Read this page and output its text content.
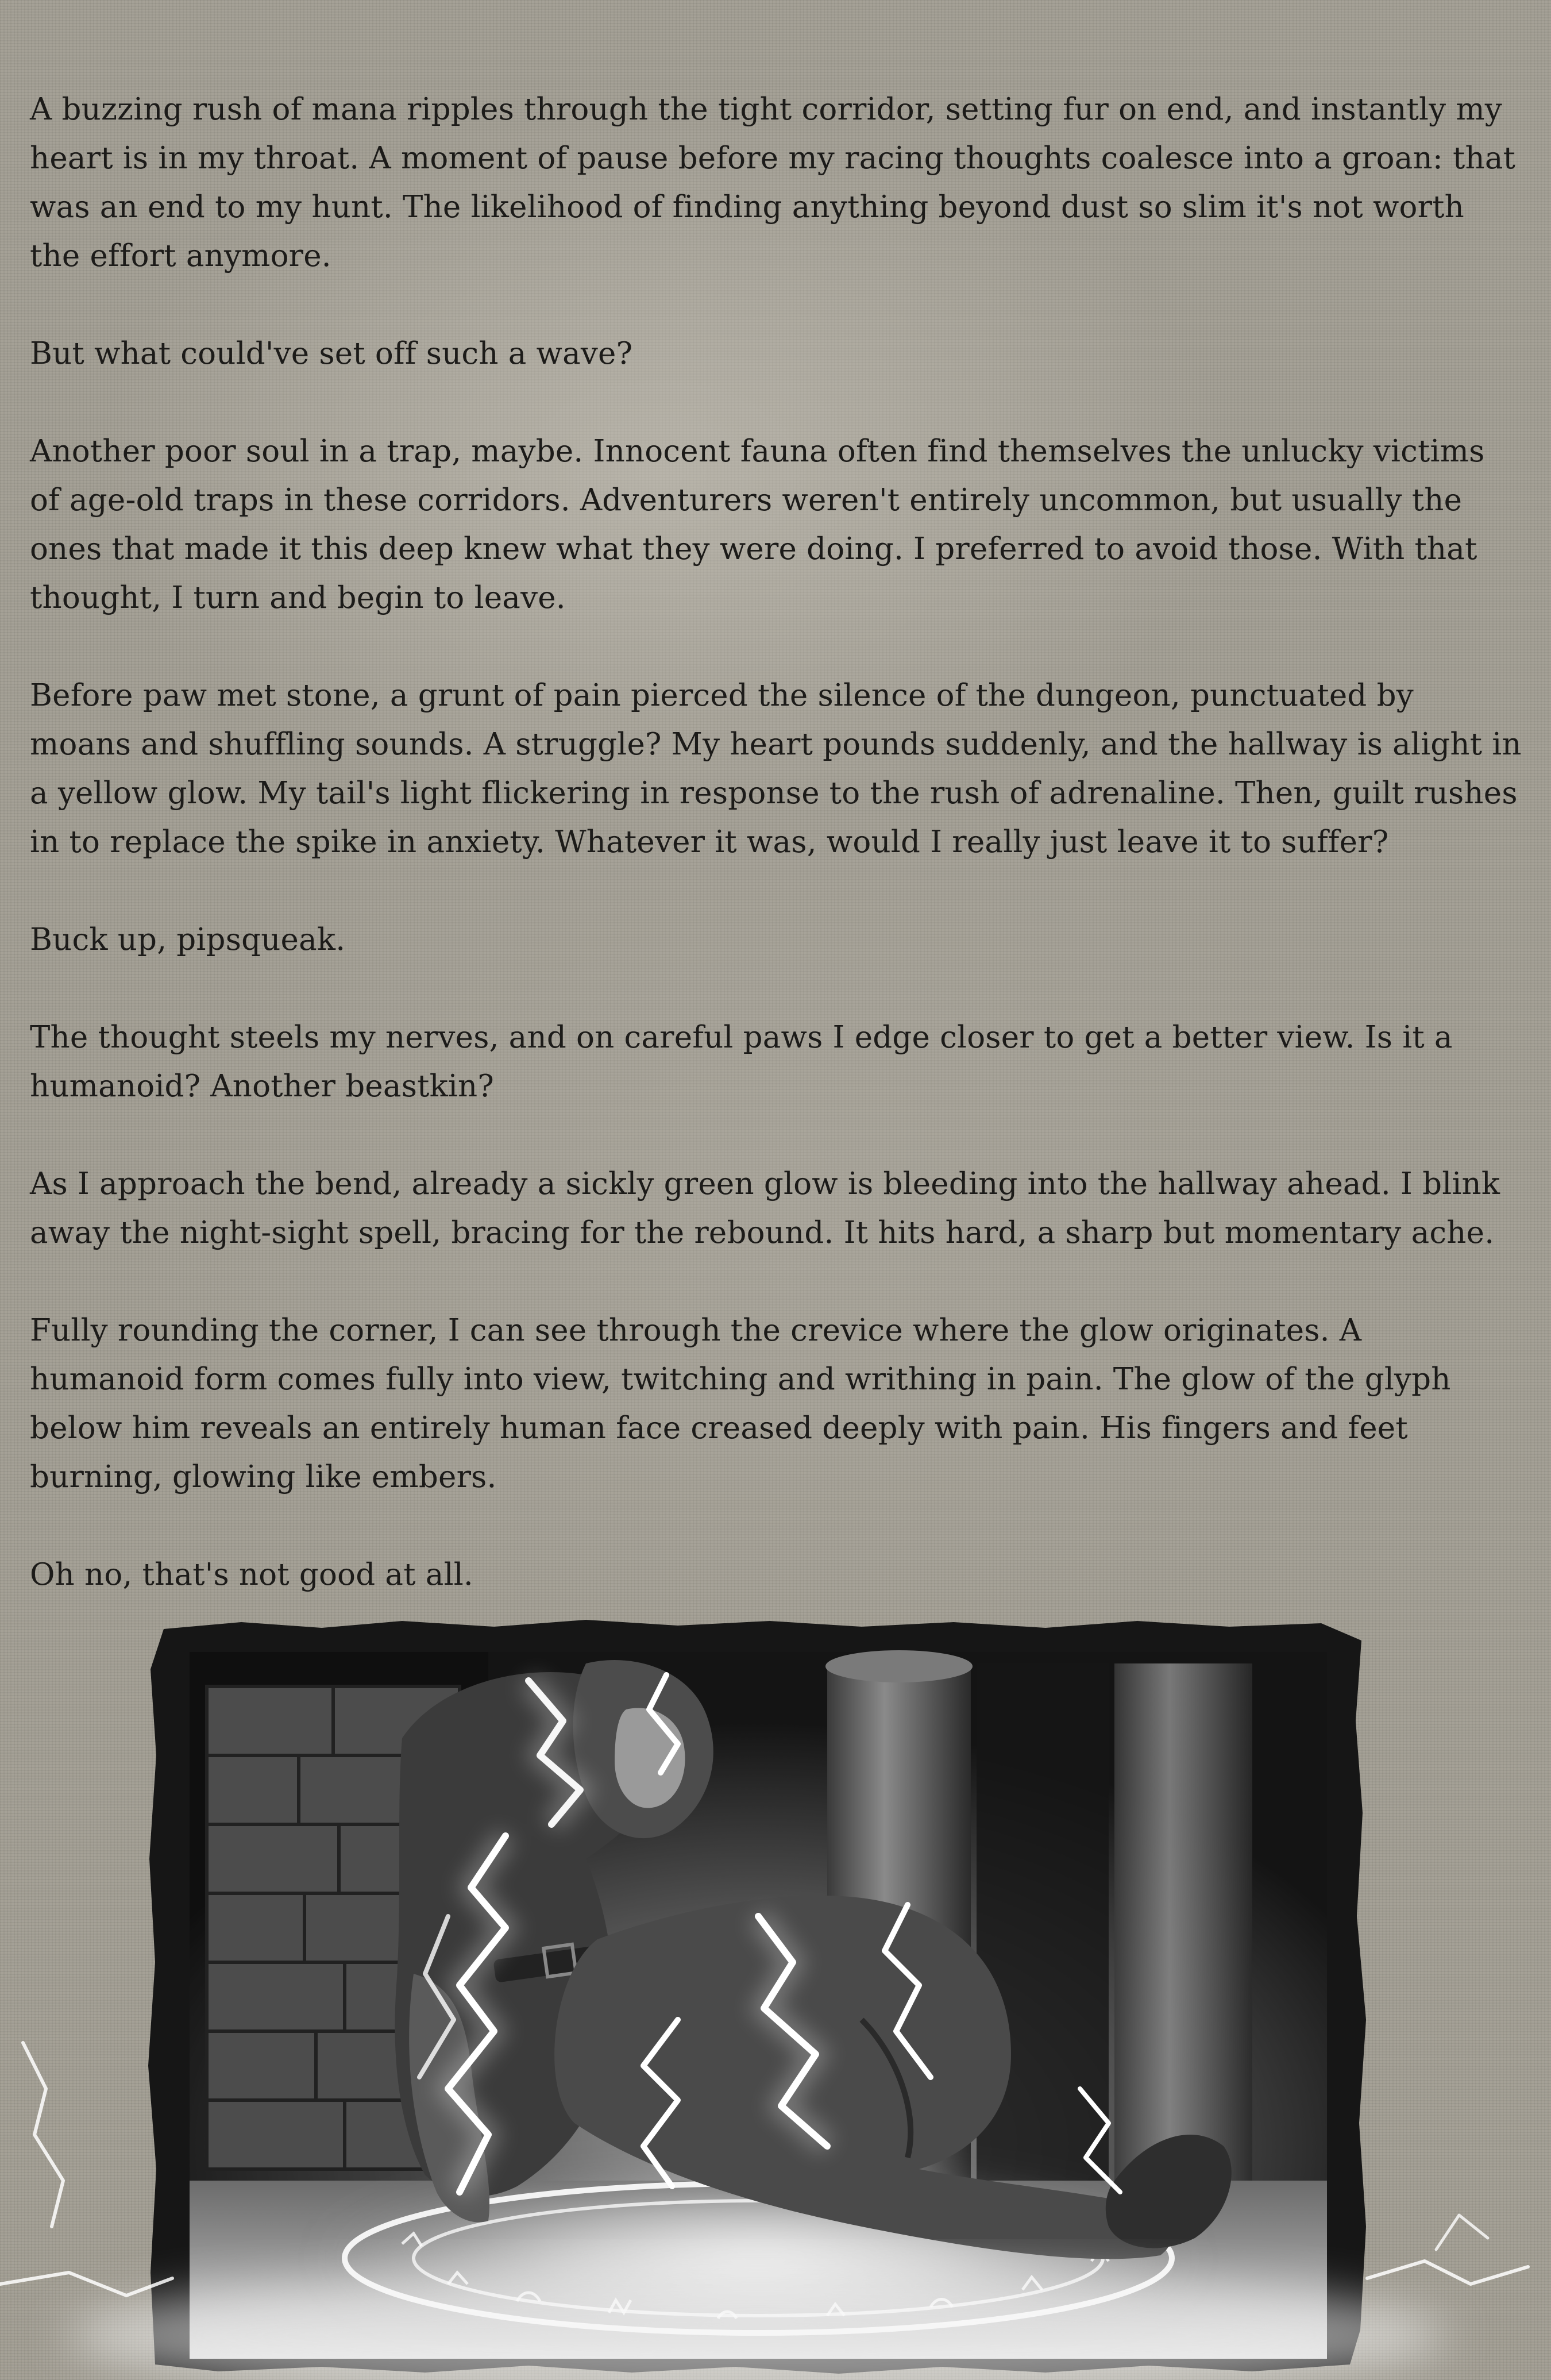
A buzzing rush of mana ripples through the tight corridor, setting fur on end, and instantly my heart is in my throat. A moment of pause before my racing thoughts coalesce into a groan: that was an end to my hunt. The likelihood of finding anything beyond dust so slim it's not worth the effort anymore.

But what could've set off such a wave?

Another poor soul in a trap, maybe. Innocent fauna often find themselves the unlucky victims of age-old traps in these corridors. Adventurers weren't entirely uncommon, but usually the ones that made it this deep knew what they were doing. I preferred to avoid those. With that thought, I turn and begin to leave.

Before paw met stone, a grunt of pain pierced the silence of the dungeon, punctuated by moans and shuffling sounds. A struggle? My heart pounds suddenly, and the hallway is alight in a yellow glow. My tail's light flickering in response to the rush of adrenaline. Then, guilt rushes in to replace the spike in anxiety. Whatever it was, would I really just leave it to suffer?

Buck up, pipsqueak.

The thought steels my nerves, and on careful paws I edge closer to get a better view. Is it a humanoid? Another beastkin?

As I approach the bend, already a sickly green glow is bleeding into the hallway ahead. I blink away the night-sight spell, bracing for the rebound. It hits hard, a sharp but momentary ache.

Fully rounding the corner, I can see through the crevice where the glow originates. A humanoid form comes fully into view, twitching and writhing in pain. The glow of the glyph below him reveals an entirely human face creased deeply with pain. His fingers and feet burning, glowing like embers.

Oh no, that's not good at all.
